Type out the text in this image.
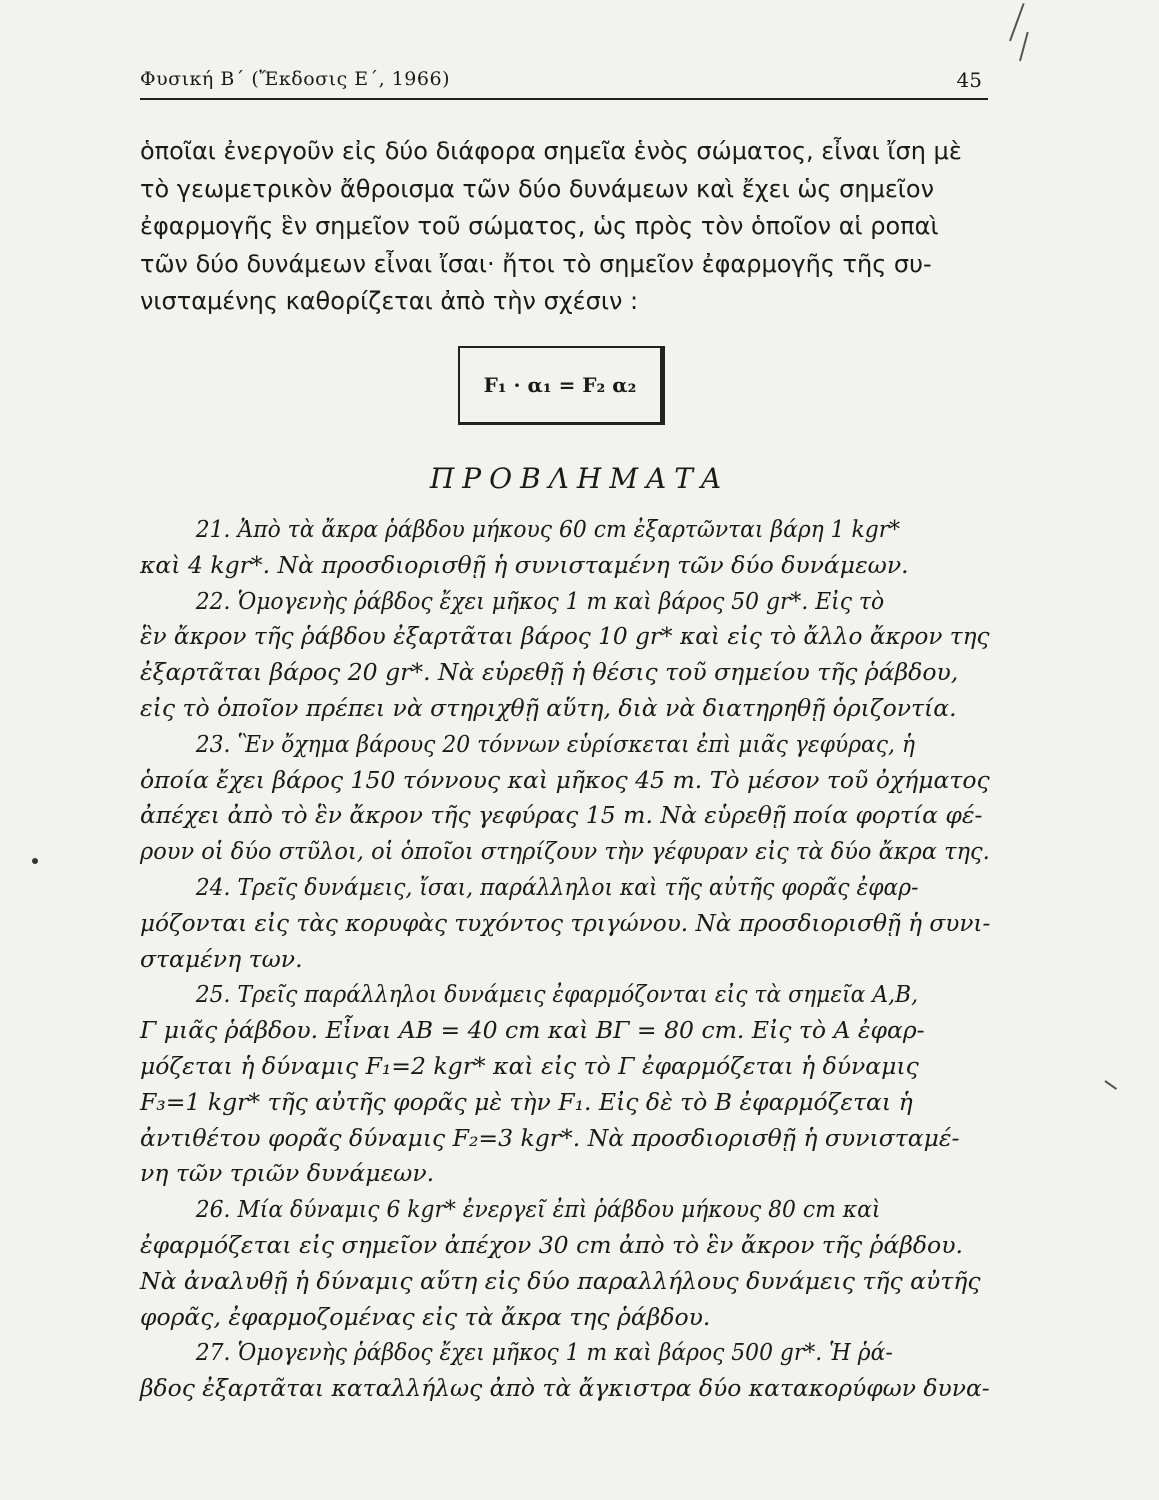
Φυσική Β΄ (Ἔκδοσις Ε΄, 1966)	45
ὁποῖαι ἐνεργοῦν εἰς δύο διάφορα σημεῖα ἑνὸς σώματος, εἶναι ἴση μὲ
τὸ γεωμετρικὸν ἄθροισμα τῶν δύο δυνάμεων καὶ ἔχει ὡς σημεῖον
ἐφαρμογῆς ἓν σημεῖον τοῦ σώματος, ὡς πρὸς τὸν ὁποῖον αἱ ροπαὶ
τῶν δύο δυνάμεων εἶναι ἴσαι· ἤτοι τὸ σημεῖον ἐφαρμογῆς τῆς συ-
νισταμένης καθορίζεται ἀπὸ τὴν σχέσιν :
F₁ · α₁ = F₂ α₂
ΠΡΟΒΛΗΜΑΤΑ
21. Ἀπὸ τὰ ἄκρα ῥάβδου μήκους 60 cm ἐξαρτῶνται βάρη 1 kgr*
καὶ 4 kgr*. Νὰ προσδιορισθῇ ἡ συνισταμένη τῶν δύο δυνάμεων.
22. Ὁμογενὴς ῥάβδος ἔχει μῆκος 1 m καὶ βάρος 50 gr*. Εἰς τὸ
ἓν ἄκρον τῆς ῥάβδου ἐξαρτᾶται βάρος 10 gr* καὶ εἰς τὸ ἄλλο ἄκρον της
ἐξαρτᾶται βάρος 20 gr*. Νὰ εὑρεθῇ ἡ θέσις τοῦ σημείου τῆς ῥάβδου,
εἰς τὸ ὁποῖον πρέπει νὰ στηριχθῇ αὕτη, διὰ νὰ διατηρηθῇ ὁριζοντία.
23. Ἓν ὄχημα βάρους 20 τόννων εὑρίσκεται ἐπὶ μιᾶς γεφύρας, ἡ
ὁποία ἔχει βάρος 150 τόννους καὶ μῆκος 45 m. Τὸ μέσον τοῦ ὀχήματος
ἀπέχει ἀπὸ τὸ ἓν ἄκρον τῆς γεφύρας 15 m. Νὰ εὑρεθῇ ποία φορτία φέ-
ρουν οἱ δύο στῦλοι, οἱ ὁποῖοι στηρίζουν τὴν γέφυραν εἰς τὰ δύο ἄκρα της.
24. Τρεῖς δυνάμεις, ἴσαι, παράλληλοι καὶ τῆς αὐτῆς φορᾶς ἐφαρ-
μόζονται εἰς τὰς κορυφὰς τυχόντος τριγώνου. Νὰ προσδιορισθῇ ἡ συνι-
σταμένη των.
25. Τρεῖς παράλληλοι δυνάμεις ἐφαρμόζονται εἰς τὰ σημεῖα Α,Β,
Γ μιᾶς ῥάβδου. Εἶναι ΑΒ = 40 cm καὶ ΒΓ = 80 cm. Εἰς τὸ Α ἐφαρ-
μόζεται ἡ δύναμις F₁=2 kgr* καὶ εἰς τὸ Γ ἐφαρμόζεται ἡ δύναμις
F₃=1 kgr* τῆς αὐτῆς φορᾶς μὲ τὴν F₁. Εἰς δὲ τὸ Β ἐφαρμόζεται ἡ
ἀντιθέτου φορᾶς δύναμις F₂=3 kgr*. Νὰ προσδιορισθῇ ἡ συνισταμέ-
νη τῶν τριῶν δυνάμεων.
26. Μία δύναμις 6 kgr* ἐνεργεῖ ἐπὶ ῥάβδου μήκους 80 cm καὶ
ἐφαρμόζεται εἰς σημεῖον ἀπέχον 30 cm ἀπὸ τὸ ἓν ἄκρον τῆς ῥάβδου.
Νὰ ἀναλυθῇ ἡ δύναμις αὕτη εἰς δύο παραλλήλους δυνάμεις τῆς αὐτῆς
φορᾶς, ἐφαρμοζομένας εἰς τὰ ἄκρα της ῥάβδου.
27. Ὁμογενὴς ῥάβδος ἔχει μῆκος 1 m καὶ βάρος 500 gr*. Ἡ ῥά-
βδος ἐξαρτᾶται καταλλήλως ἀπὸ τὰ ἄγκιστρα δύο κατακορύφων δυνα-
